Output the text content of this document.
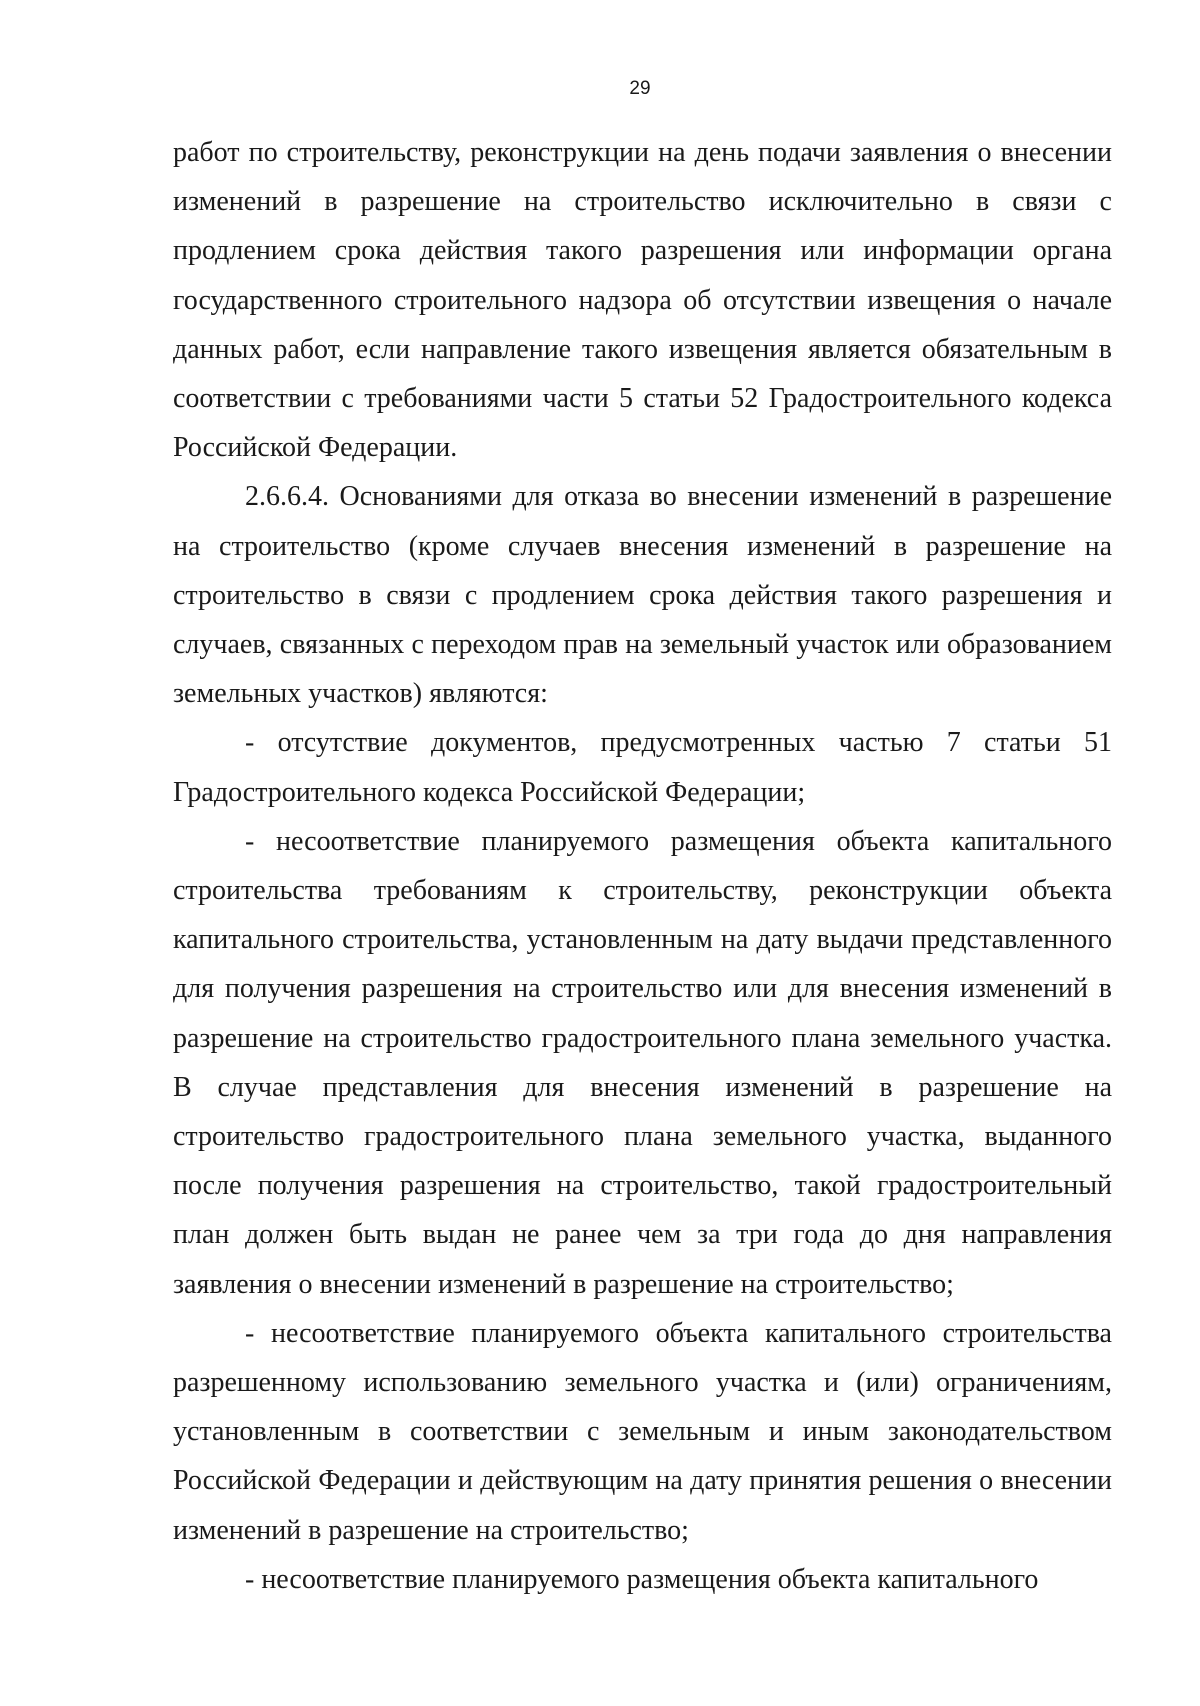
29

работ по строительству, реконструкции на день подачи заявления о внесении изменений в разрешение на строительство исключительно в связи с продлением срока действия такого разрешения или информации органа государственного строительного надзора об отсутствии извещения о начале данных работ, если направление такого извещения является обязательным в соответствии с требованиями части 5 статьи 52 Градостроительного кодекса Российской Федерации.

2.6.6.4. Основаниями для отказа во внесении изменений в разрешение на строительство (кроме случаев внесения изменений в разрешение на строительство в связи с продлением срока действия такого разрешения и случаев, связанных с переходом прав на земельный участок или образованием земельных участков) являются:

- отсутствие документов, предусмотренных частью 7 статьи 51 Градостроительного кодекса Российской Федерации;

- несоответствие планируемого размещения объекта капитального строительства требованиям к строительству, реконструкции объекта капитального строительства, установленным на дату выдачи представленного для получения разрешения на строительство или для внесения изменений в разрешение на строительство градостроительного плана земельного участка. В случае представления для внесения изменений в разрешение на строительство градостроительного плана земельного участка, выданного после получения разрешения на строительство, такой градостроительный план должен быть выдан не ранее чем за три года до дня направления заявления о внесении изменений в разрешение на строительство;

- несоответствие планируемого объекта капитального строительства разрешенному использованию земельного участка и (или) ограничениям, установленным в соответствии с земельным и иным законодательством Российской Федерации и действующим на дату принятия решения о внесении изменений в разрешение на строительство;

- несоответствие планируемого размещения объекта капитального
